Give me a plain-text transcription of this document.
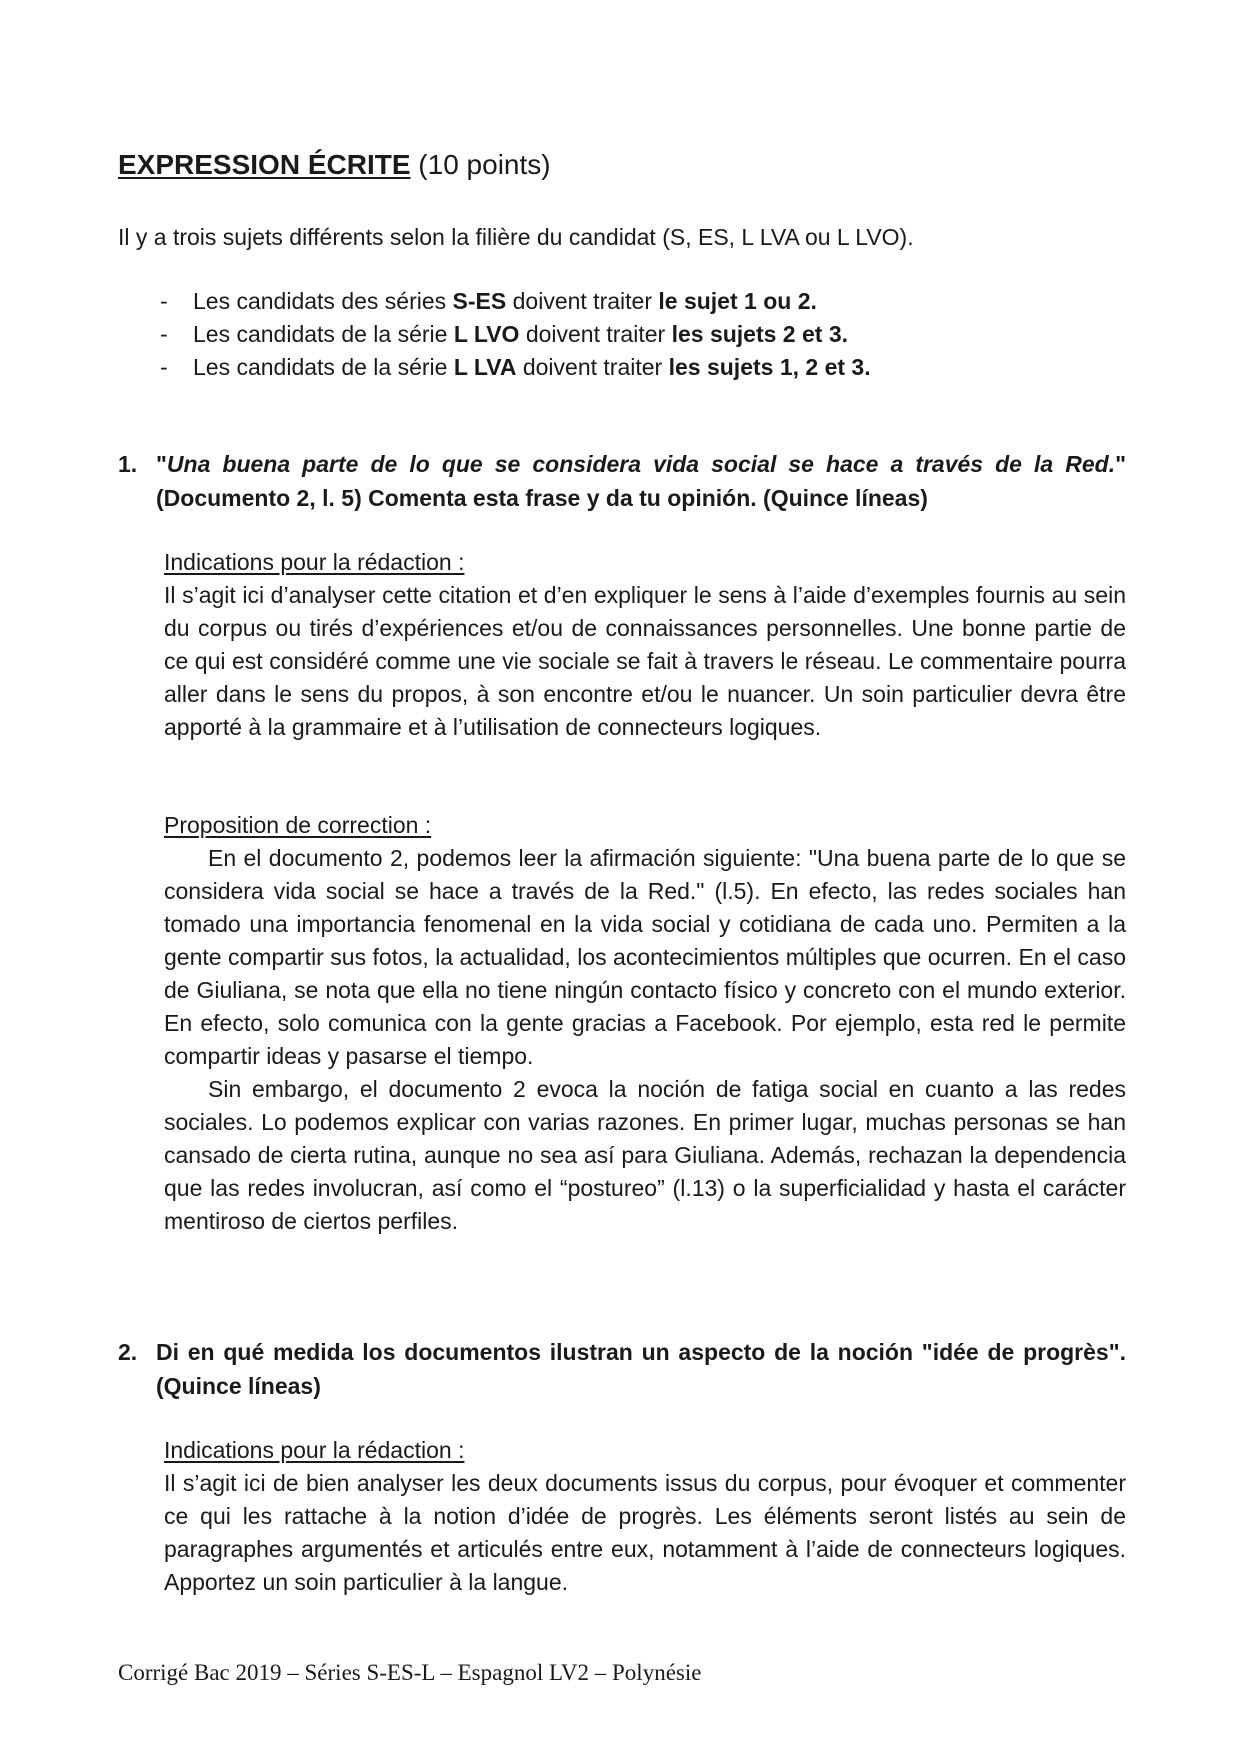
EXPRESSION ÉCRITE (10 points)

Il y a trois sujets différents selon la filière du candidat (S, ES, L LVA ou L LVO).

- Les candidats des séries S-ES doivent traiter le sujet 1 ou 2.
- Les candidats de la série L LVO doivent traiter les sujets 2 et 3.
- Les candidats de la série L LVA doivent traiter les sujets 1, 2 et 3.
1. "Una buena parte de lo que se considera vida social se hace a través de la Red." (Documento 2, l. 5) Comenta esta frase y da tu opinión. (Quince líneas)
Indications pour la rédaction :

Il s’agit ici d’analyser cette citation et d’en expliquer le sens à l’aide d’exemples fournis au sein du corpus ou tirés d’expériences et/ou de connaissances personnelles. Une bonne partie de ce qui est considéré comme une vie sociale se fait à travers le réseau. Le commentaire pourra aller dans le sens du propos, à son encontre et/ou le nuancer. Un soin particulier devra être apporté à la grammaire et à l’utilisation de connecteurs logiques.

Proposition de correction :

En el documento 2, podemos leer la afirmación siguiente: "Una buena parte de lo que se considera vida social se hace a través de la Red." (l.5). En efecto, las redes sociales han tomado una importancia fenomenal en la vida social y cotidiana de cada uno. Permiten a la gente compartir sus fotos, la actualidad, los acontecimientos múltiples que ocurren. En el caso de Giuliana, se nota que ella no tiene ningún contacto físico y concreto con el mundo exterior. En efecto, solo comunica con la gente gracias a Facebook. Por ejemplo, esta red le permite compartir ideas y pasarse el tiempo.

Sin embargo, el documento 2 evoca la noción de fatiga social en cuanto a las redes sociales. Lo podemos explicar con varias razones. En primer lugar, muchas personas se han cansado de cierta rutina, aunque no sea así para Giuliana. Además, rechazan la dependencia que las redes involucran, así como el “postureo” (l.13) o la superficialidad y hasta el carácter mentiroso de ciertos perfiles.

2. Di en qué medida los documentos ilustran un aspecto de la noción "idée de progrès". (Quince líneas)
Indications pour la rédaction :

Il s’agit ici de bien analyser les deux documents issus du corpus, pour évoquer et commenter ce qui les rattache à la notion d’idée de progrès. Les éléments seront listés au sein de paragraphes argumentés et articulés entre eux, notamment à l’aide de connecteurs logiques. Apportez un soin particulier à la langue.

Corrigé Bac 2019 – Séries S-ES-L – Espagnol LV2 – Polynésie
